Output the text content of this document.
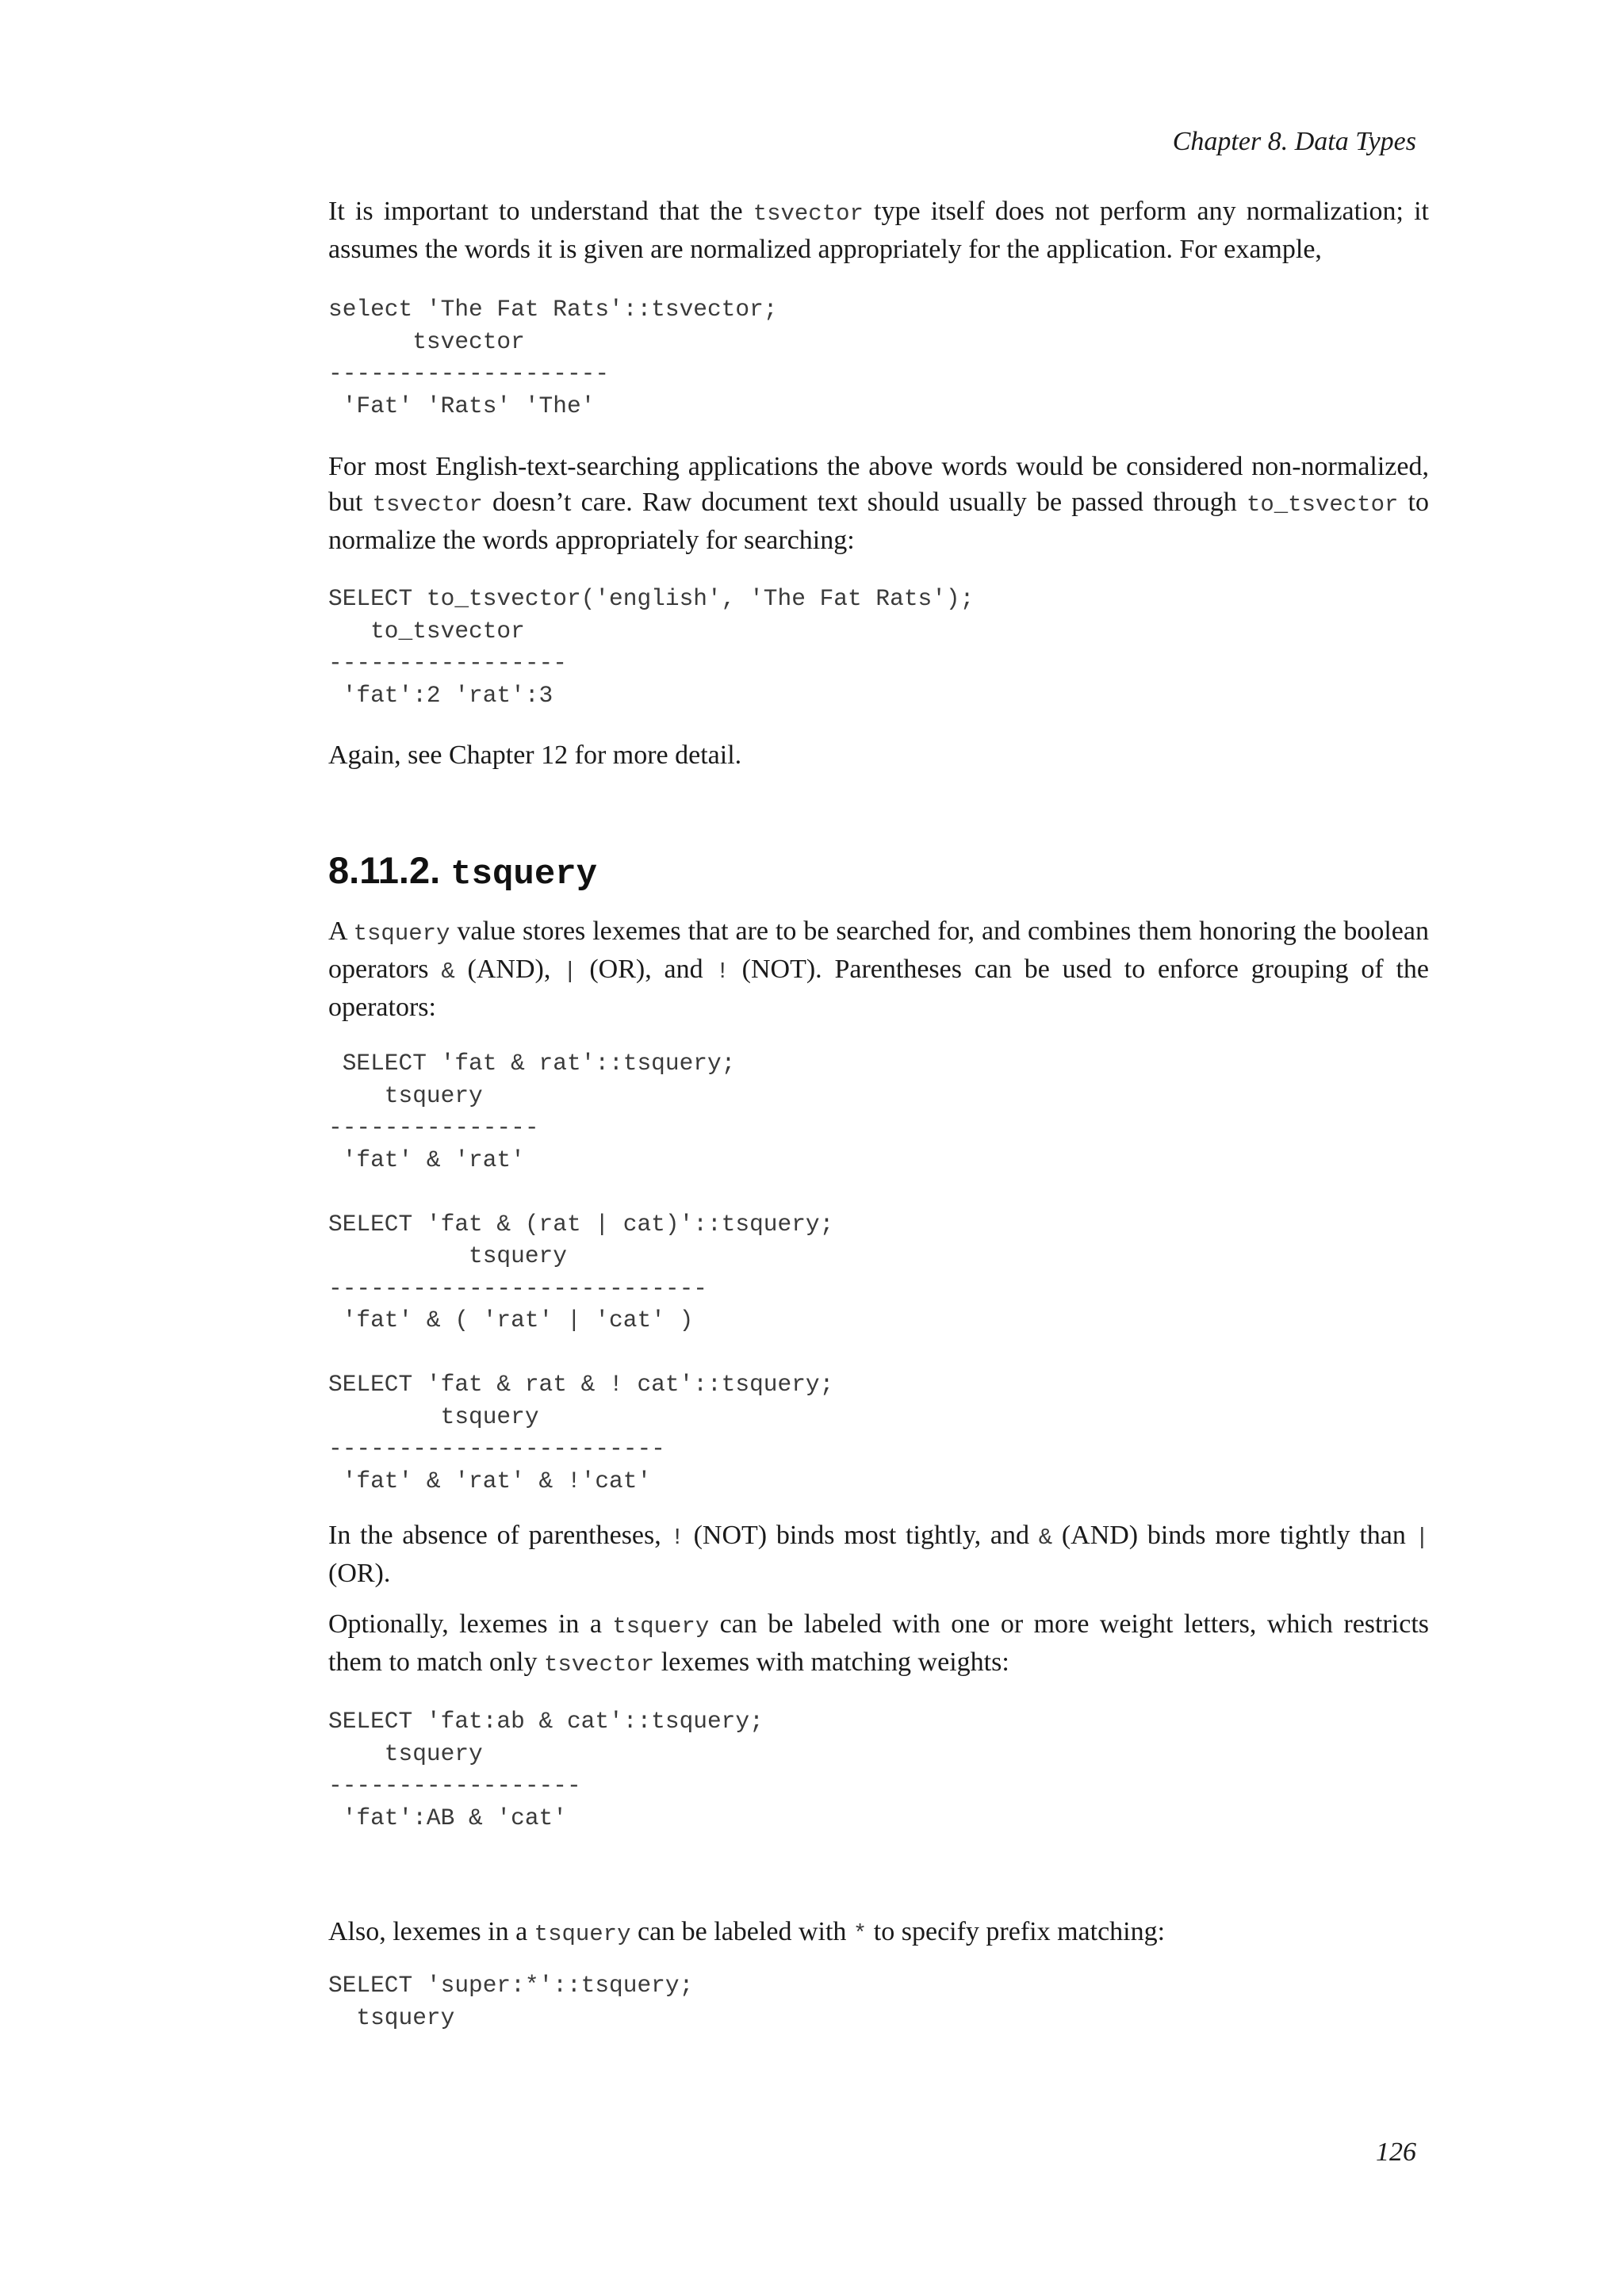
Chapter 8. Data Types
It is important to understand that the tsvector type itself does not perform any normalization; it assumes the words it is given are normalized appropriately for the application. For example,
select 'The Fat Rats'::tsvector;
tsvector
--------------------
'Fat' 'Rats' 'The'
For most English-text-searching applications the above words would be considered non-normalized, but tsvector doesn’t care. Raw document text should usually be passed through to_tsvector to normalize the words appropriately for searching:
SELECT to_tsvector('english', 'The Fat Rats');
to_tsvector
-----------------
'fat':2 'rat':3
Again, see Chapter 12 for more detail.
8.11.2. tsquery
A tsquery value stores lexemes that are to be searched for, and combines them honoring the boolean operators & (AND), | (OR), and ! (NOT). Parentheses can be used to enforce grouping of the operators:
SELECT 'fat & rat'::tsquery;
tsquery
---------------
'fat' & 'rat'
SELECT 'fat & (rat | cat)'::tsquery;
tsquery
---------------------------
'fat' & ( 'rat' | 'cat' )
SELECT 'fat & rat & ! cat'::tsquery;
tsquery
------------------------
'fat' & 'rat' & !'cat'
In the absence of parentheses, ! (NOT) binds most tightly, and & (AND) binds more tightly than | (OR).
Optionally, lexemes in a tsquery can be labeled with one or more weight letters, which restricts them to match only tsvector lexemes with matching weights:
SELECT 'fat:ab & cat'::tsquery;
tsquery
------------------
'fat':AB & 'cat'
Also, lexemes in a tsquery can be labeled with * to specify prefix matching:
SELECT 'super:*'::tsquery;
tsquery
126
